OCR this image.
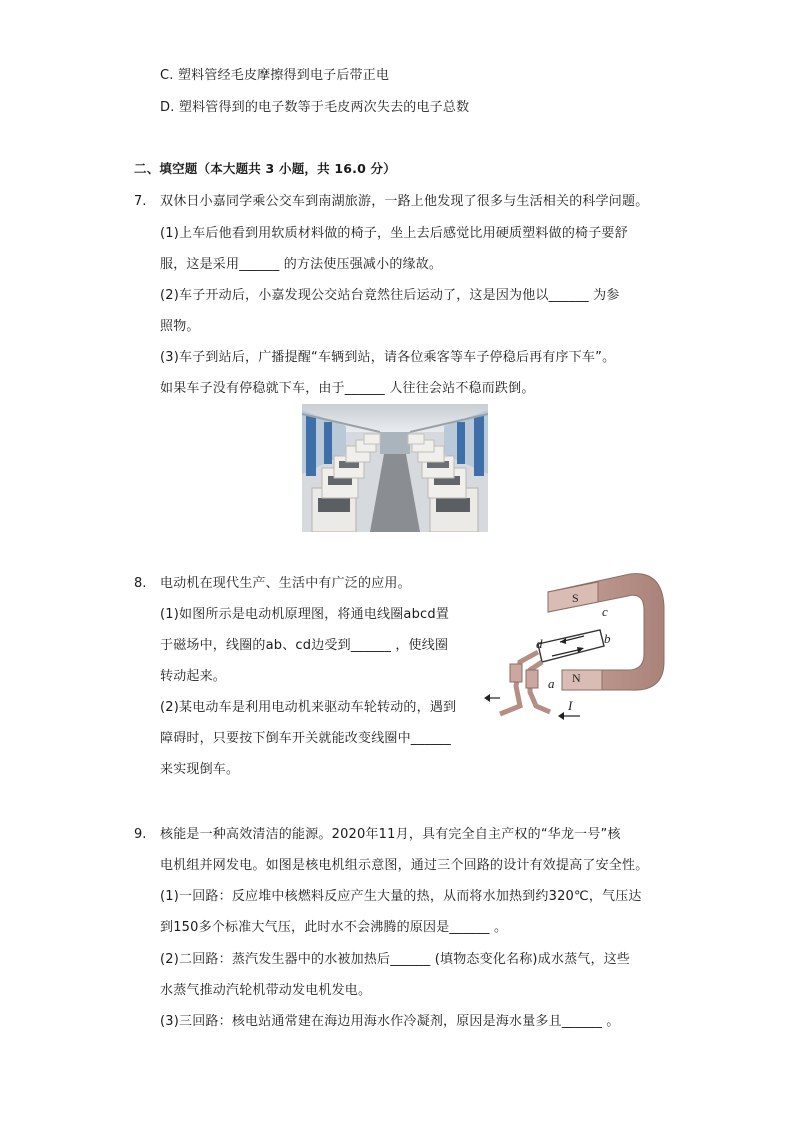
C. 塑料管经毛皮摩擦得到电子后带正电
D. 塑料管得到的电子数等于毛皮两次失去的电子总数
二、填空题（本大题共 3 小题，共 16.0 分）
7. 双休日小嘉同学乘公交车到南湖旅游，一路上他发现了很多与生活相关的科学问题。
(1)上车后他看到用软质材料做的椅子，坐上去后感觉比用硬质塑料做的椅子要舒
服，这是采用______ 的方法使压强减小的缘故。
(2)车子开动后，小嘉发现公交站台竟然往后运动了，这是因为他以______ 为参
照物。
(3)车子到站后，广播提醒“车辆到站，请各位乘客等车子停稳后再有序下车”。
如果车子没有停稳就下车，由于______ 人往往会站不稳而跌倒。
8. 电动机在现代生产、生活中有广泛的应用。
(1)如图所示是电动机原理图，将通电线圈abcd置
于磁场中，线圈的ab、cd边受到______ ，使线圈
转动起来。
(2)某电动车是利用电动机来驱动车轮转动的，遇到
障碍时，只要按下倒车开关就能改变线圈中______
来实现倒车。
S
c
d	b
N
a
I
9. 核能是一种高效清洁的能源。2020年11月，具有完全自主产权的“华龙一号”核
电机组并网发电。如图是核电机组示意图，通过三个回路的设计有效提高了安全性。
(1)一回路：反应堆中核燃料反应产生大量的热，从而将水加热到约320℃，气压达
到150多个标准大气压，此时水不会沸腾的原因是______ 。
(2)二回路：蒸汽发生器中的水被加热后______ (填物态变化名称)成水蒸气，这些
水蒸气推动汽轮机带动发电机发电。
(3)三回路：核电站通常建在海边用海水作冷凝剂，原因是海水量多且______ 。
